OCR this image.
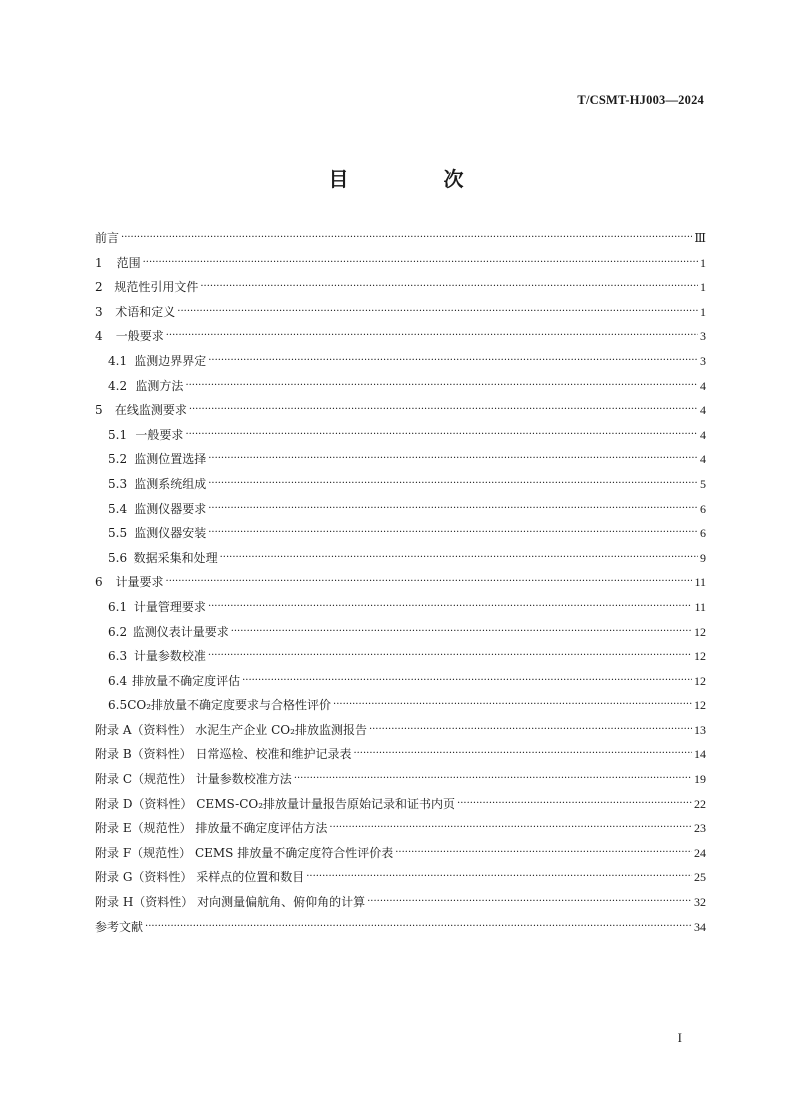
T/CSMT-HJ003—2024
目 次
前言 ·····	Ⅲ
1	范围 ·····	1
2 规范性引用文件 ·····	1
3	术语和定义 ·····	1
4	一般要求 ·····	3
4.1 监测边界界定 ·····	3
4.2 监测方法 ·····	4
5	在线监测要求 ·····	4
5.1 一般要求 ·····	4
5.2 监测位置选择 ·····	4
5.3 监测系统组成 ·····	5
5.4 监测仪器要求 ·····	6
5.5 监测仪器安装 ·····	6
5.6 数据采集和处理 ·····	9
6	计量要求 ·····	11
6.1 计量管理要求 ·····	11
6.2 监测仪表计量要求 ·····	12
6.3 计量参数校准 ·····	12
6.4 排放量不确定度评估 ·····	12
6.5 CO₂排放量不确定度要求与合格性评价 ·····	12
附录 A（资料性） 水泥生产企业 CO₂排放监测报告 ·····	13
附录 B（资料性） 日常巡检、校准和维护记录表 ·····	14
附录 C（规范性） 计量参数校准方法 ·····	19
附录 D（资料性） CEMS-CO₂排放量计量报告原始记录和证书内页 ·····	22
附录 E（规范性） 排放量不确定度评估方法 ·····	23
附录 F（规范性） CEMS 排放量不确定度符合性评价表 ·····	24
附录 G（资料性） 采样点的位置和数目 ·····	25
附录 H（资料性） 对向测量偏航角、俯仰角的计算 ·····	32
参考文献 ·····	34
I
